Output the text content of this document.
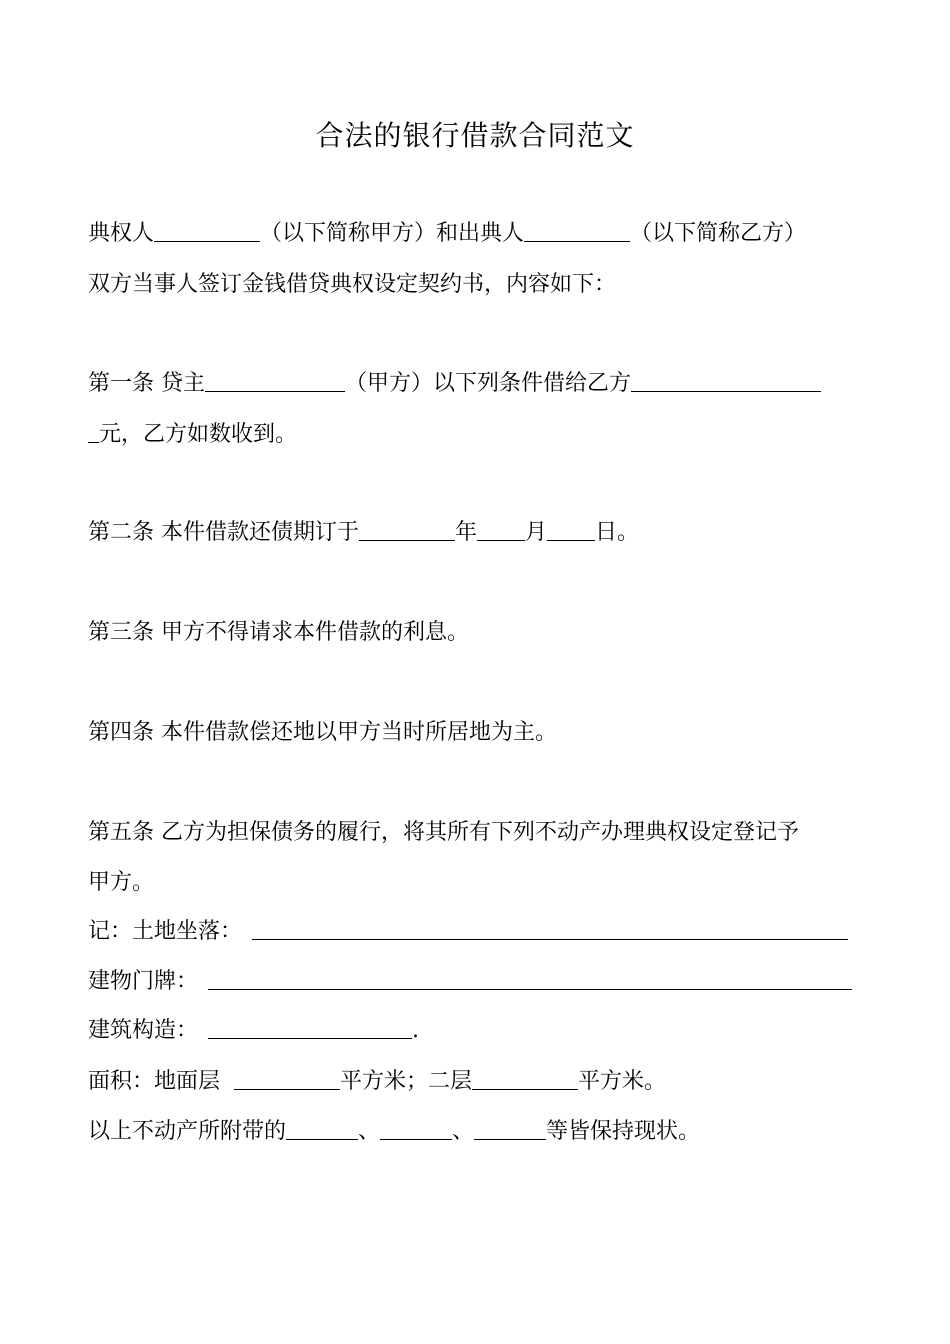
合法的银行借款合同范文
典权人	（以下简称甲方）和出典人	（以下简称乙方）
双方当事人签订金钱借贷典权设定契约书，内容如下：
第一条 贷主	（甲方）以下列条件借给乙方
元，乙方如数收到。
第二条 本件借款还债期订于	年 月 日。
第三条 甲方不得请求本件借款的利息。
第四条 本件借款偿还地以甲方当时所居地为主。
第五条 乙方为担保债务的履行，将其所有下列不动产办理典权设定登记予
甲方。
记：土地坐落：
建物门牌：
建筑构造：	.
面积：地面层	平方米；二层	平方米。
以上不动产所附带的	、	、	等皆保持现状。
